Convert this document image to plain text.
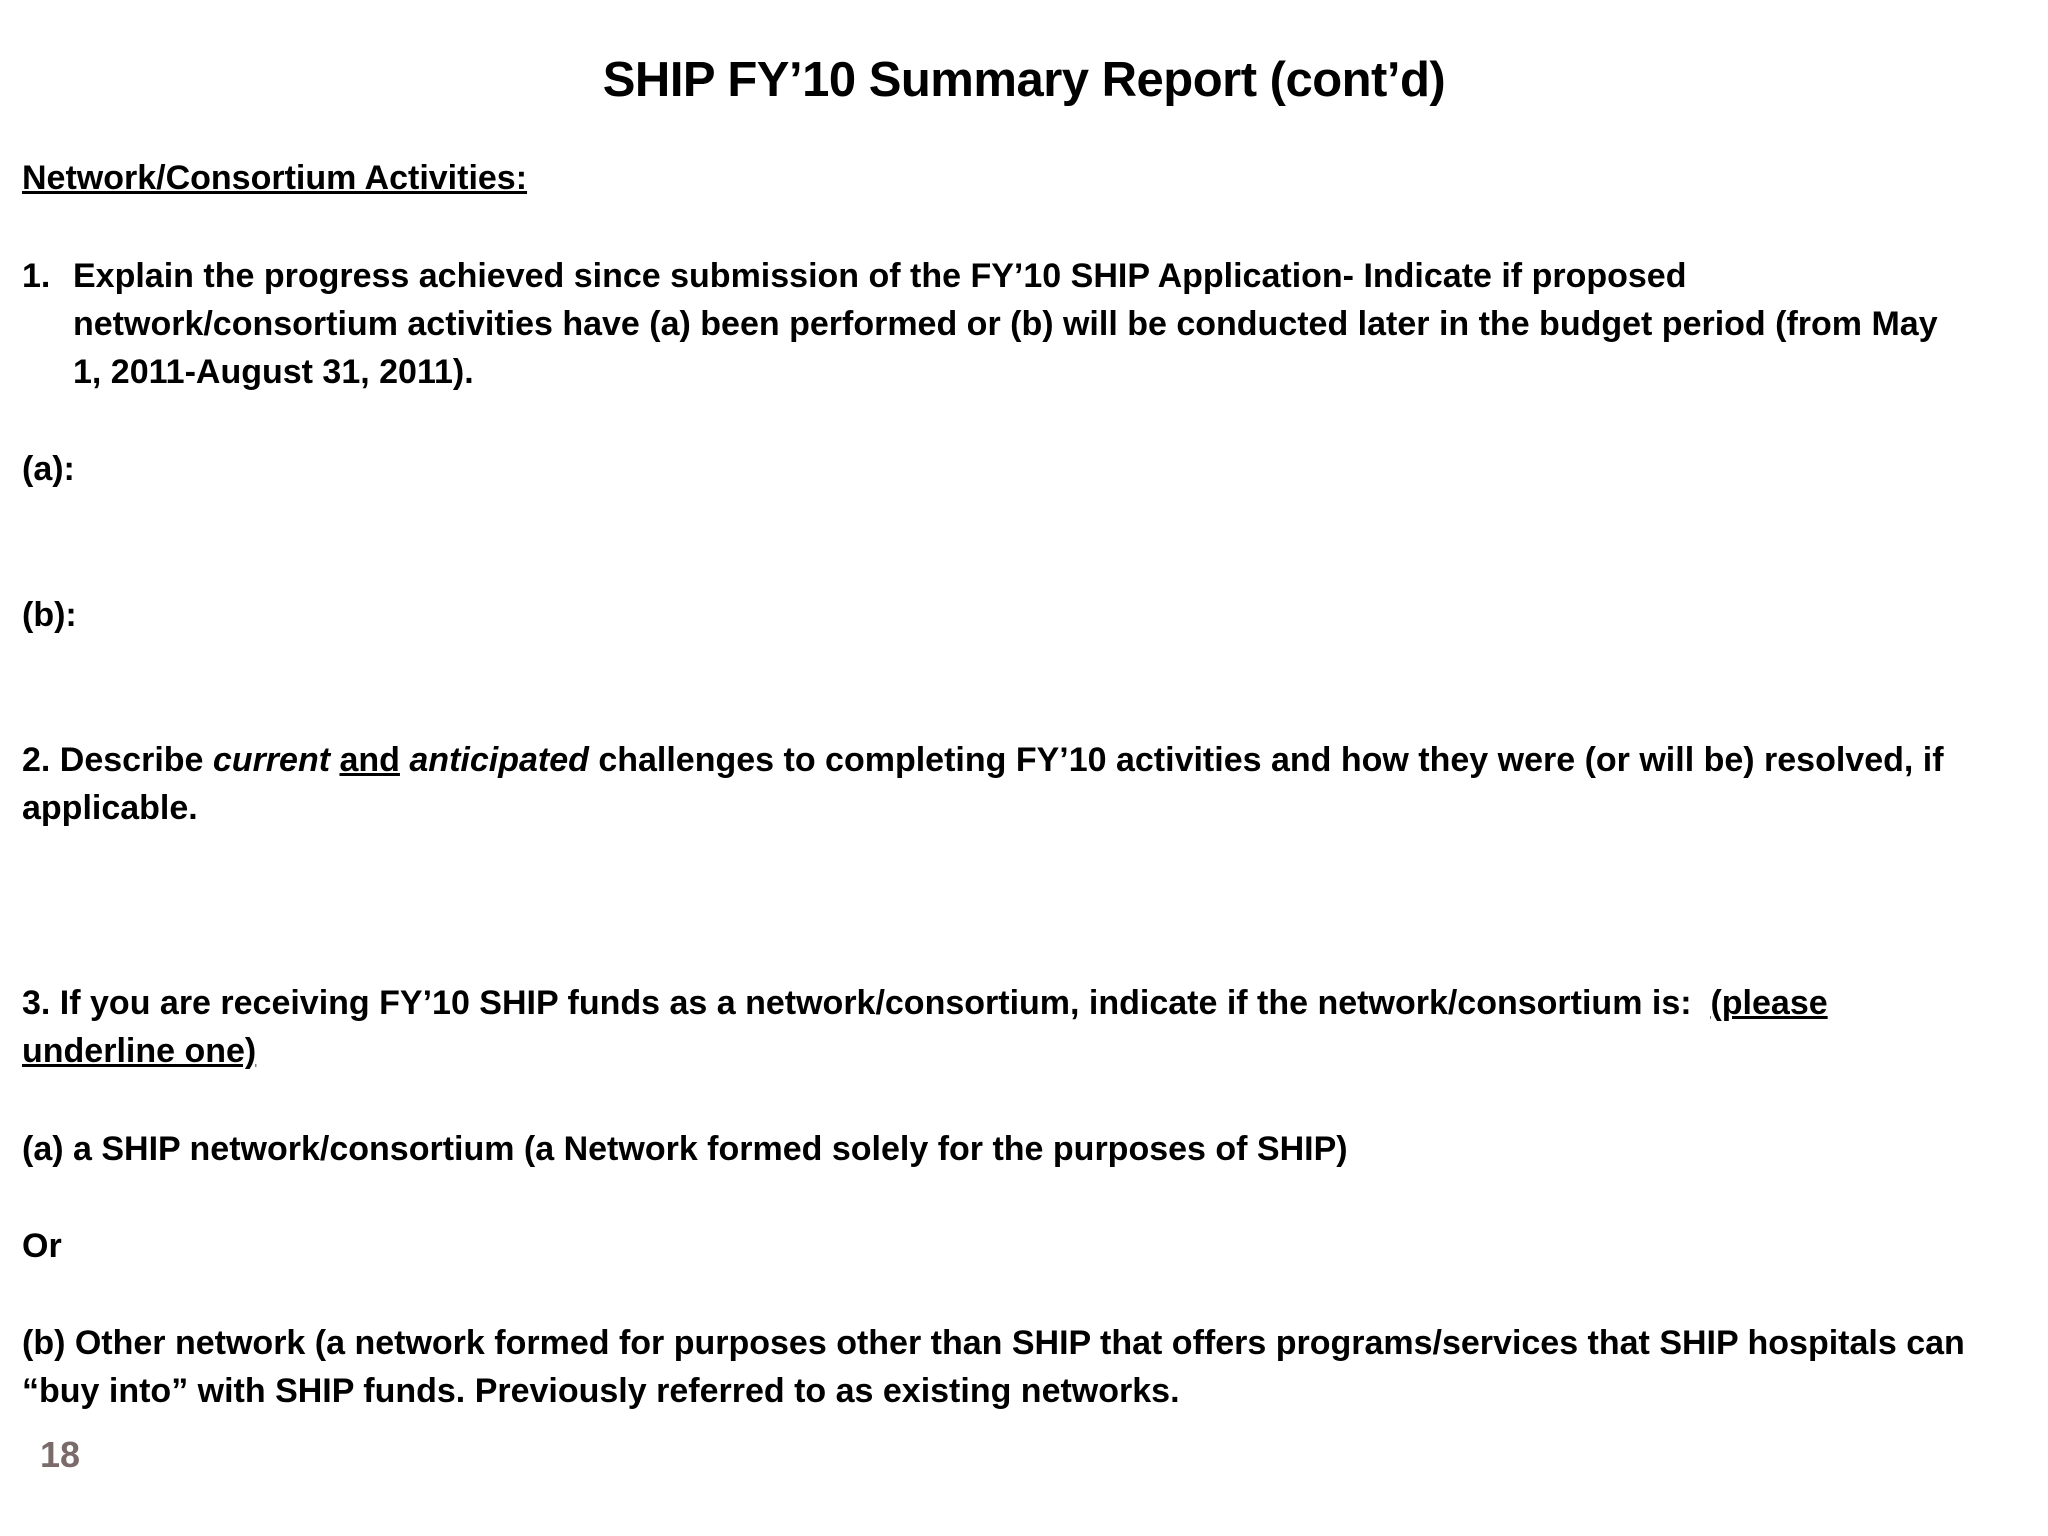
SHIP FY’10 Summary Report (cont’d)
Network/Consortium Activities:
1. Explain the progress achieved since submission of the FY’10 SHIP Application- Indicate if proposed
network/consortium activities have (a) been performed or (b) will be conducted later in the budget period (from May
1, 2011-August 31, 2011).
(a):
(b):
2. Describe current and anticipated challenges to completing FY’10 activities and how they were (or will be) resolved, if
applicable.
3. If you are receiving FY’10 SHIP funds as a network/consortium, indicate if the network/consortium is: (please
underline one)
(a) a SHIP network/consortium (a Network formed solely for the purposes of SHIP)
Or
(b) Other network (a network formed for purposes other than SHIP that offers programs/services that SHIP hospitals can
“buy into” with SHIP funds. Previously referred to as existing networks.
18
